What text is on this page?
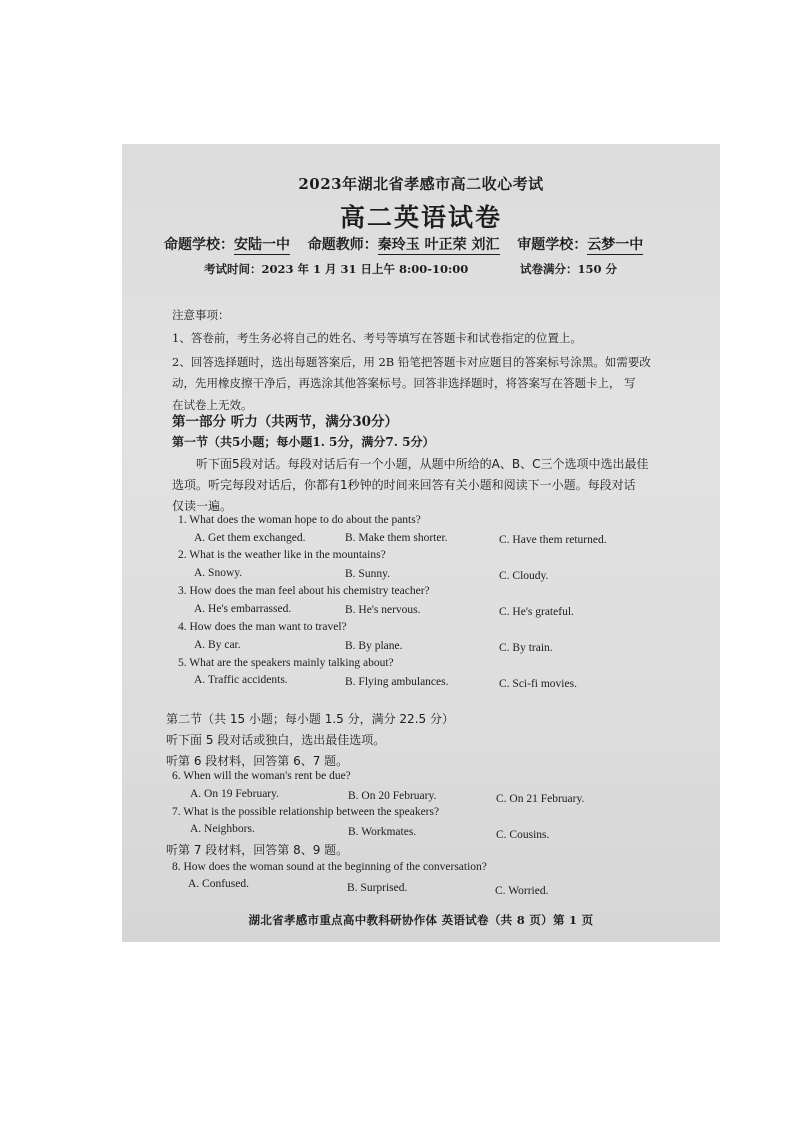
2023年湖北省孝感市高二收心考试
高二英语试卷
命题学校：安陆一中 命题教师：秦玲玉 叶正荣 刘汇 审题学校：云梦一中
考试时间：2023 年 1 月 31 日上午 8:00-10:00	试卷满分：150 分
注意事项：
1、答卷前，考生务必将自己的姓名、考号等填写在答题卡和试卷指定的位置上。
2、回答选择题时，选出每题答案后，用 2B 铅笔把答题卡对应题目的答案标号涂黑。如需要改
动，先用橡皮擦干净后，再选涂其他答案标号。回答非选择题时，将答案写在答题卡上， 写
在试卷上无效。
第一部分 听力（共两节，满分30分）
第一节（共5小题；每小题1. 5分，满分7. 5分）
听下面5段对话。每段对话后有一个小题，从题中所给的A、B、C三个选项中选出最佳
选项。听完每段对话后，你都有1秒钟的时间来回答有关小题和阅读下一小题。每段对话
仅读一遍。
1. What does the woman hope to do about the pants?
A. Get them exchanged.	B. Make them shorter.	C. Have them returned.
2. What is the weather like in the mountains?
A. Snowy.	B. Sunny.	C. Cloudy.
3. How does the man feel about his chemistry teacher?
A. He's embarrassed.	B. He's nervous.	C. He's grateful.
4. How does the man want to travel?
A. By car.	B. By plane.	C. By train.
5. What are the speakers mainly talking about?
A. Traffic accidents.	B. Flying ambulances.	C. Sci-fi movies.
第二节（共 15 小题；每小题 1.5 分，满分 22.5 分）
听下面 5 段对话或独白，选出最佳选项。
听第 6 段材料，回答第 6、7 题。
6. When will the woman's rent be due?
A. On 19 February.	B. On 20 February.	C. On 21 February.
7. What is the possible relationship between the speakers?
A. Neighbors.	B. Workmates.	C. Cousins.
听第 7 段材料，回答第 8、9 题。
8. How does the woman sound at the beginning of the conversation?
A. Confused.	B. Surprised.	C. Worried.
湖北省孝感市重点高中教科研协作体 英语试卷（共 8 页）第 1 页
